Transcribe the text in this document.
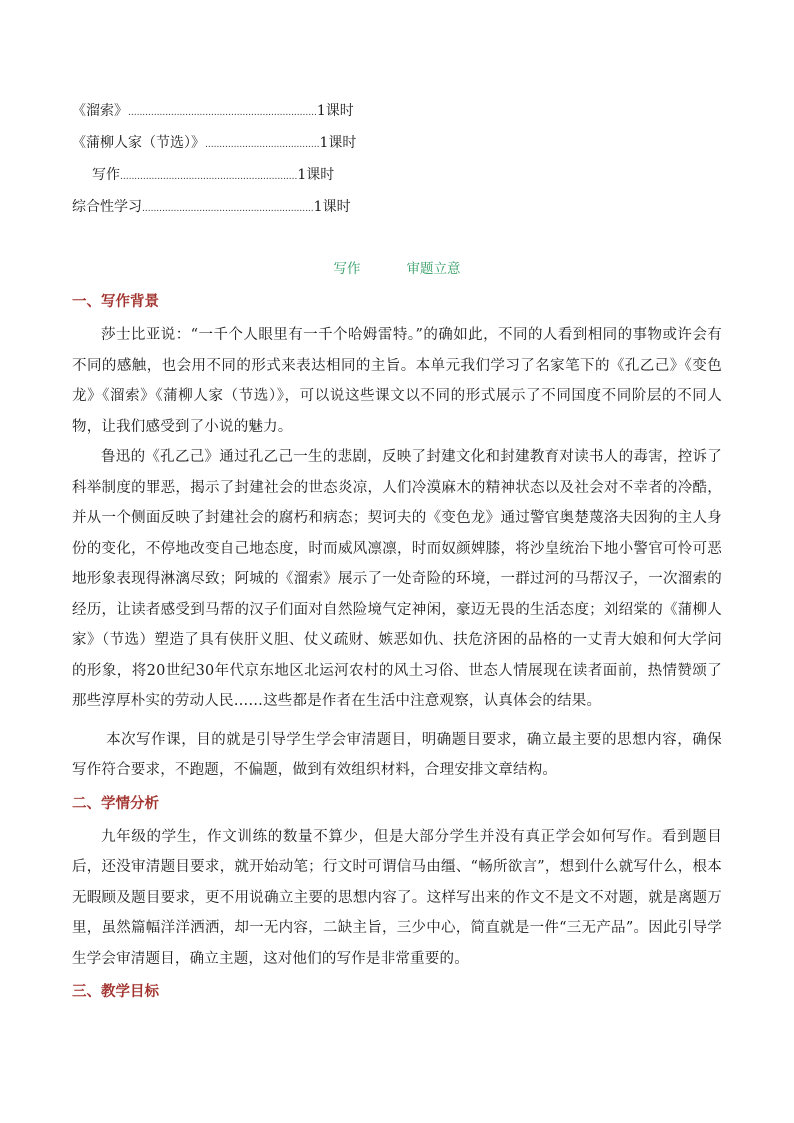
《溜索》..................................................................1课时
《蒲柳人家（节选）》........................................1课时
写作..............................................................1课时
综合性学习............................................................1课时
写作	审题立意
一、写作背景

莎士比亚说：“一千个人眼里有一千个哈姆雷特。”的确如此，不同的人看到相同的事物或许会有不同的感触，也会用不同的形式来表达相同的主旨。本单元我们学习了名家笔下的《孔乙己》《变色龙》《溜索》《蒲柳人家（节选）》，可以说这些课文以不同的形式展示了不同国度不同阶层的不同人物，让我们感受到了小说的魅力。

鲁迅的《孔乙己》通过孔乙己一生的悲剧，反映了封建文化和封建教育对读书人的毒害，控诉了科举制度的罪恶，揭示了封建社会的世态炎凉，人们冷漠麻木的精神状态以及社会对不幸者的冷酷，并从一个侧面反映了封建社会的腐朽和病态；契诃夫的《变色龙》通过警官奥楚蔑洛夫因狗的主人身份的变化，不停地改变自己地态度，时而威风凛凛，时而奴颜婢膝，将沙皇统治下地小警官可怜可恶地形象表现得淋漓尽致；阿城的《溜索》展示了一处奇险的环境，一群过河的马帮汉子，一次溜索的经历，让读者感受到马帮的汉子们面对自然险境气定神闲，豪迈无畏的生活态度；刘绍棠的《蒲柳人家》（节选）塑造了具有侠肝义胆、仗义疏财、嫉恶如仇、扶危济困的品格的一丈青大娘和何大学问的形象，将20世纪30年代京东地区北运河农村的风土习俗、世态人情展现在读者面前，热情赞颂了那些淳厚朴实的劳动人民……这些都是作者在生活中注意观察，认真体会的结果。

本次写作课，目的就是引导学生学会审清题目，明确题目要求，确立最主要的思想内容，确保写作符合要求，不跑题，不偏题，做到有效组织材料，合理安排文章结构。

二、学情分析

九年级的学生，作文训练的数量不算少，但是大部分学生并没有真正学会如何写作。看到题目后，还没审清题目要求，就开始动笔；行文时可谓信马由缰、“畅所欲言”，想到什么就写什么，根本无暇顾及题目要求，更不用说确立主要的思想内容了。这样写出来的作文不是文不对题，就是离题万里，虽然篇幅洋洋洒洒，却一无内容，二缺主旨，三少中心，简直就是一件“三无产品”。因此引导学生学会审清题目，确立主题，这对他们的写作是非常重要的。

三、教学目标
